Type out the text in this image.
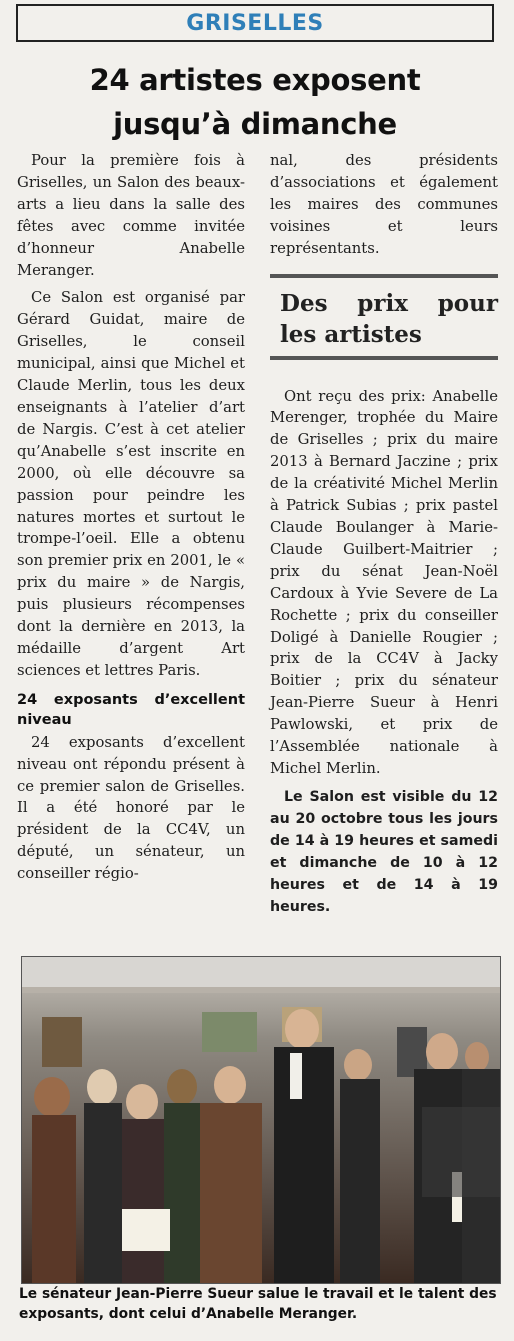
GRISELLES
24 artistes exposent
jusqu’à dimanche

Pour la première fois à Griselles, un Salon des beaux-arts a lieu dans la salle des fêtes avec comme invitée d’honneur Anabelle Meranger.

Ce Salon est organisé par Gérard Guidat, maire de Griselles, le conseil municipal, ainsi que Michel et Claude Merlin, tous les deux enseignants à l’atelier d’art de Nargis. C’est à cet atelier qu’Anabelle s’est inscrite en 2000, où elle découvre sa passion pour peindre les natures mortes et surtout le trompe-l’oeil. Elle a obtenu son premier prix en 2001, le « prix du maire » de Nargis, puis plusieurs récompenses dont la dernière en 2013, la médaille d’argent Art sciences et lettres Paris.

24 exposants d’excellent niveau

24 exposants d’excellent niveau ont répondu présent à ce premier salon de Griselles. Il a été honoré par le président de la CC4V, un député, un sénateur, un conseiller régio-

nal, des présidents d’associations et également les maires des communes voisines et leurs représentants.

Des prix pour les artistes

Ont reçu des prix: Anabelle Merenger, trophée du Maire de Griselles ; prix du maire 2013 à Bernard Jaczine ; prix de la créativité Michel Merlin à Patrick Subias ; prix pastel Claude Boulanger à Marie-Claude Guilbert-Maitrier ; prix du sénat Jean-Noël Cardoux à Yvie Severe de La Rochette ; prix du conseiller Doligé à Danielle Rougier ; prix de la CC4V à Jacky Boitier ; prix du sénateur Jean-Pierre Sueur à Henri Pawlowski, et prix de l’Assemblée nationale à Michel Merlin.

Le Salon est visible du 12 au 20 octobre tous les jours de 14 à 19 heures et samedi et dimanche de 10 à 12 heures et de 14 à 19 heures.

Le sénateur Jean-Pierre Sueur salue le travail et le talent des exposants, dont celui d’Anabelle Meranger.
